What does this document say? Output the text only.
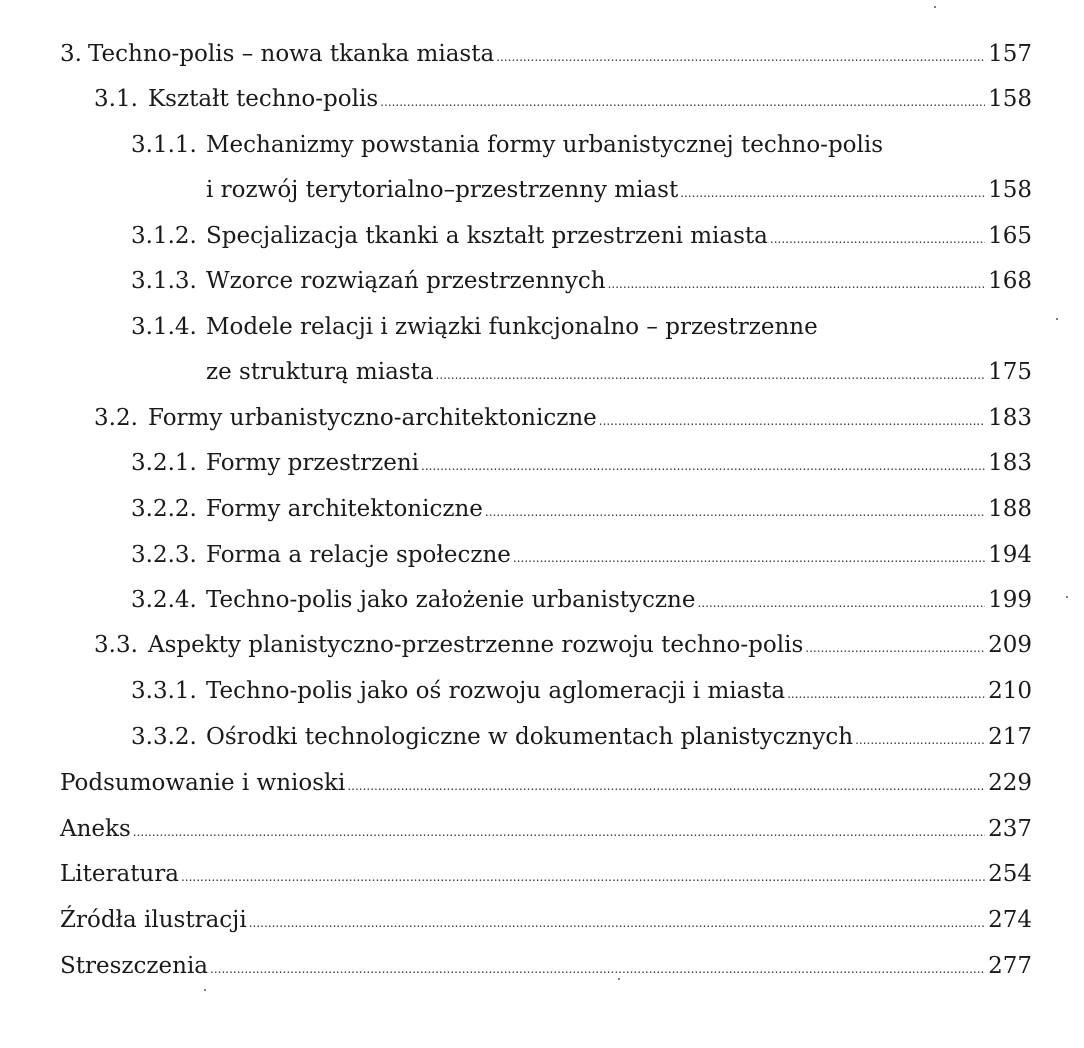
3. Techno-polis – nowa tkanka miasta .....	157
3.1. Kształt techno-polis .....	158
3.1.1. Mechanizmy powstania formy urbanistycznej techno-polis
i rozwój terytorialno–przestrzenny miast .....	158
3.1.2. Specjalizacja tkanki a kształt przestrzeni miasta .....	165
3.1.3. Wzorce rozwiązań przestrzennych .....	168
3.1.4. Modele relacji i związki funkcjonalno – przestrzenne
ze strukturą miasta .....	175
3.2. Formy urbanistyczno-architektoniczne .....	183
3.2.1. Formy przestrzeni .....	183
3.2.2. Formy architektoniczne .....	188
3.2.3. Forma a relacje społeczne .....	194
3.2.4. Techno-polis jako założenie urbanistyczne .....	199
3.3. Aspekty planistyczno-przestrzenne rozwoju techno-polis .....	209
3.3.1. Techno-polis jako oś rozwoju aglomeracji i miasta .....	210
3.3.2. Ośrodki technologiczne w dokumentach planistycznych .....	217
Podsumowanie i wnioski .....	229
Aneks .....	237
Literatura .....	254
Źródła ilustracji .....	274
Streszczenia .....	277
